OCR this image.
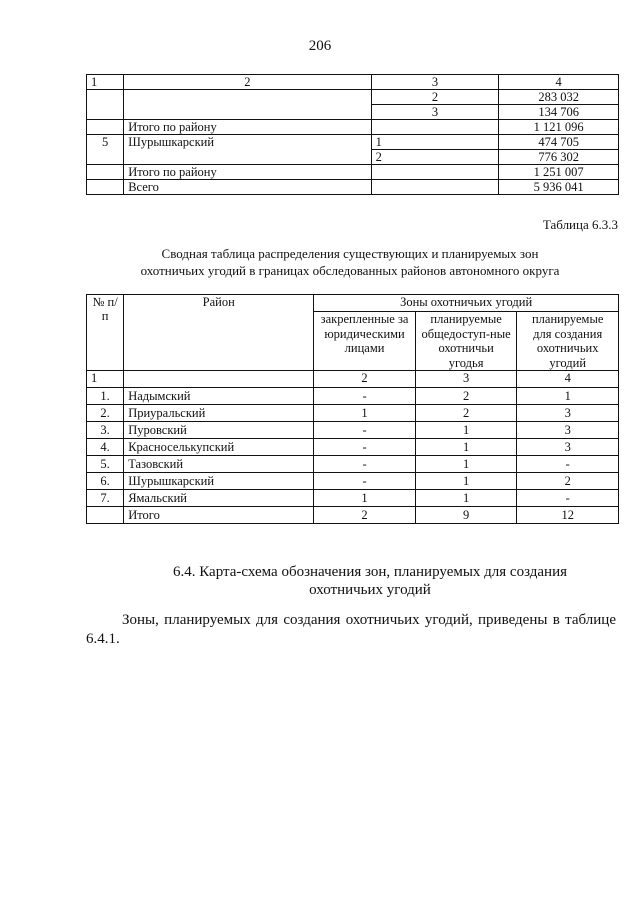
206
1	2	3	4
		2	283 032
		3	134 706
	Итого по району		1 121 096
5	Шурышкарский	1	474 705
		2	776 302
	Итого по району		1 251 007
	Всего		5 936 041
Таблица 6.3.3
Сводная таблица распределения существующих и планируемых зон
охотничьих угодий в границах обследованных районов автономного округа
№ п/п	Район	Зоны охотничьих угодий		
		закрепленные за юридическими лицами	планируемые общедоступ-ные охотничьи угодья	планируемые для создания охотничьих угодий
1		2	3	4
1.	Надымский	-	2	1
2.	Приуральский	1	2	3
3.	Пуровский	-	1	3
4.	Красноселькупский	-	1	3
5.	Тазовский	-	1	-
6.	Шурышкарский	-	1	2
7.	Ямальский	1	1	-
	Итого	2	9	12
6.4. Карта-схема обозначения зон, планируемых для создания
охотничьих угодий
Зоны, планируемых для создания охотничьих угодий, приведены в таблице 6.4.1.
